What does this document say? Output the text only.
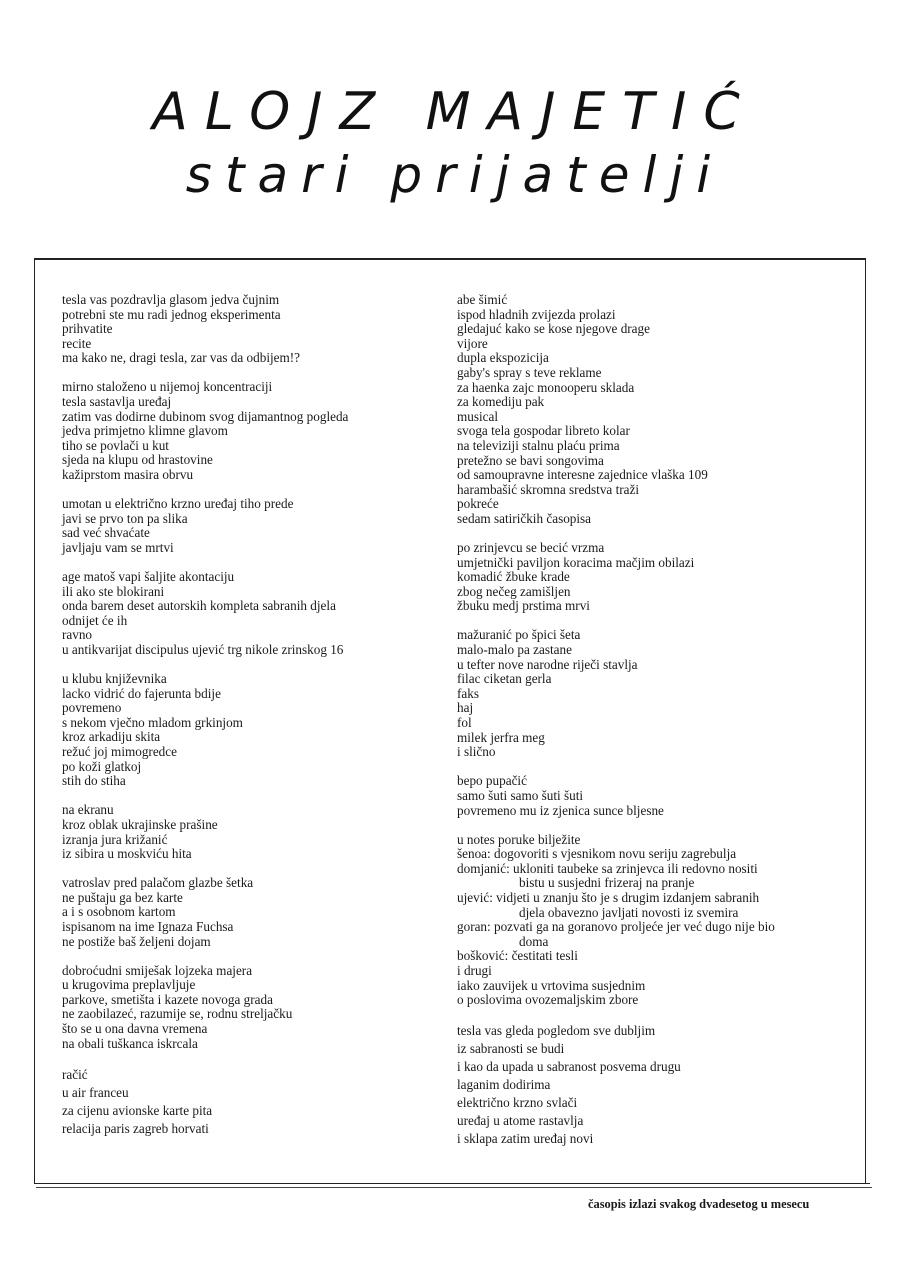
ALOJZ MAJETIĆ
stari prijatelji
tesla vas pozdravlja glasom jedva čujnim
potrebni ste mu radi jednog eksperimenta
prihvatite
recite
ma kako ne, dragi tesla, zar vas da odbijem!?
mirno staloženo u nijemoj koncentraciji
tesla sastavlja uređaj
zatim vas dodirne dubinom svog dijamantnog pogleda
jedva primjetno klimne glavom
tiho se povlači u kut
sjeda na klupu od hrastovine
kažiprstom masira obrvu
umotan u električno krzno uređaj tiho prede
javi se prvo ton pa slika
sad već shvaćate
javljaju vam se mrtvi
age matoš vapi šaljite akontaciju
ili ako ste blokirani
onda barem deset autorskih kompleta sabranih djela
odnijet će ih
ravno
u antikvarijat discipulus ujević trg nikole zrinskog 16
u klubu književnika
lacko vidrić do fajerunta bdije
povremeno
s nekom vječno mladom grkinjom
kroz arkadiju skita
režuć joj mimogredce
po koži glatkoj
stih do stiha
na ekranu
kroz oblak ukrajinske prašine
izranja jura križanić
iz sibira u moskviću hita
vatroslav pred palačom glazbe šetka
ne puštaju ga bez karte
a i s osobnom kartom
ispisanom na ime Ignaza Fuchsa
ne postiže baš željeni dojam
dobroćudni smiješak lojzeka majera
u krugovima preplavljuje
parkove, smetišta i kazete novoga grada
ne zaobilazeć, razumije se, rodnu streljačku
što se u ona davna vremena
na obali tuškanca iskrcala
račić
u air franceu
za cijenu avionske karte pita
relacija paris zagreb horvati
abe šimić
ispod hladnih zvijezda prolazi
gledajuć kako se kose njegove drage
vijore
dupla ekspozicija
gaby's spray s teve reklame
za haenka zajc monooperu sklada
za komediju pak
musical
svoga tela gospodar libreto kolar
na televiziji stalnu plaću prima
pretežno se bavi songovima
od samoupravne interesne zajednice vlaška 109
harambašić skromna sredstva traži
pokreće
sedam satiričkih časopisa
po zrinjevcu se becić vrzma
umjetnički paviljon koracima mačjim obilazi
komadić žbuke krade
zbog nečeg zamišljen
žbuku medj prstima mrvi
mažuranić po špici šeta
malo-malo pa zastane
u tefter nove narodne riječi stavlja
filac ciketan gerla
faks
haj
fol
milek jerfra meg
i slično
bepo pupačić
samo šuti samo šuti šuti
povremeno mu iz zjenica sunce bljesne
u notes poruke bilježite
šenoa: dogovoriti s vjesnikom novu seriju zagrebulja
domjanić: ukloniti taubeke sa zrinjevca ili redovno nositi
bistu u susjedni frizeraj na pranje
ujević: vidjeti u znanju što je s drugim izdanjem sabranih
djela obavezno javljati novosti iz svemira
goran: pozvati ga na goranovo proljeće jer već dugo nije bio
doma
bošković: čestitati tesli
i drugi
iako zauvijek u vrtovima susjednim
o poslovima ovozemaljskim zbore
tesla vas gleda pogledom sve dubljim
iz sabranosti se budi
i kao da upada u sabranost posvema drugu
laganim dodirima
električno krzno svlači
uređaj u atome rastavlja
i sklapa zatim uređaj novi
časopis izlazi svakog dvadesetog u mesecu
